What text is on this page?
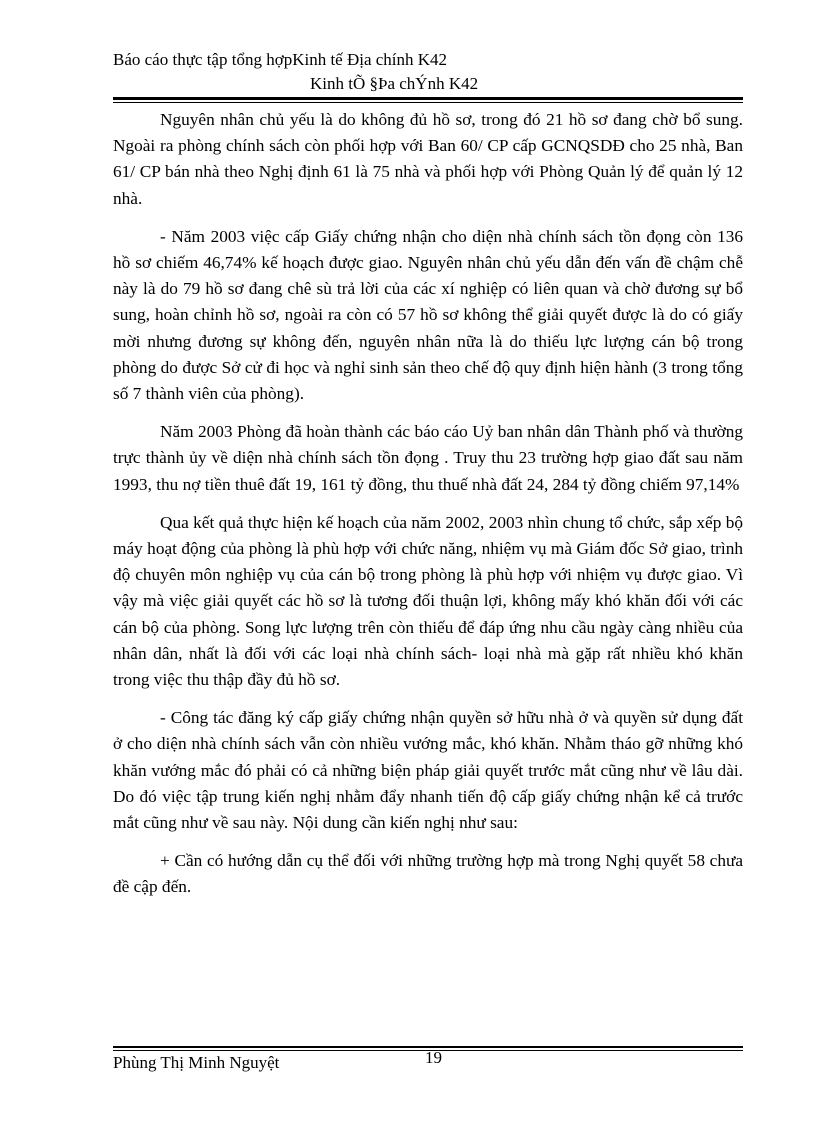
Báo cáo thực tập tổng hợpKinh tế Địa chính K42
Kinh tÕ §Þa chÝnh K42

Nguyên nhân chủ yếu là do không đủ hồ sơ, trong đó 21 hồ sơ đang chờ bổ sung. Ngoài ra phòng chính sách còn phối hợp với Ban 60/ CP cấp GCNQSDĐ cho 25 nhà, Ban 61/ CP bán nhà theo Nghị định 61 là 75 nhà và phối hợp với Phòng Quản lý để quản lý 12 nhà.

- Năm 2003 việc cấp Giấy chứng nhận cho diện nhà chính sách tồn đọng còn 136 hồ sơ chiếm 46,74% kế hoạch được giao. Nguyên nhân chủ yếu dẫn đến vấn đề chậm chễ này là do 79 hồ sơ đang chê sù trả lời của các xí nghiệp có liên quan và chờ đương sự bổ sung, hoàn chỉnh hồ sơ, ngoài ra còn có 57 hồ sơ không thể giải quyết được là do có giấy mời nhưng đương sự không đến, nguyên nhân nữa là do thiếu lực lượng cán bộ trong phòng do được Sở cử đi học và nghỉ sinh sản theo chế độ quy định hiện hành (3 trong tổng số 7 thành viên của phòng).

Năm 2003 Phòng đã hoàn thành các báo cáo Uỷ ban nhân dân Thành phố và thường trực thành ủy về diện nhà chính sách tồn đọng . Truy thu 23 trường hợp giao đất sau năm 1993, thu nợ tiền thuê đất 19, 161 tỷ đồng, thu thuế nhà đất 24, 284 tỷ đồng chiếm 97,14%

Qua kết quả thực hiện kế hoạch của năm 2002, 2003 nhìn chung tổ chức, sắp xếp bộ máy hoạt động của phòng là phù hợp với chức năng, nhiệm vụ mà Giám đốc Sở giao, trình độ chuyên môn nghiệp vụ của cán bộ trong phòng là phù hợp với nhiệm vụ được giao. Vì vậy mà việc giải quyết các hồ sơ là tương đối thuận lợi, không mấy khó khăn đối với các cán bộ của phòng. Song lực lượng trên còn thiếu để đáp ứng nhu cầu ngày càng nhiều của nhân dân, nhất là đối với các loại nhà chính sách- loại nhà mà gặp rất nhiều khó khăn trong việc thu thập đầy đủ hồ sơ.

- Công tác đăng ký cấp giấy chứng nhận quyền sở hữu nhà ở và quyền sử dụng đất ở cho diện nhà chính sách vẫn còn nhiều vướng mắc, khó khăn. Nhằm tháo gỡ những khó khăn vướng mắc đó phải có cả những biện pháp giải quyết trước mắt cũng như về lâu dài. Do đó việc tập trung kiến nghị nhằm đẩy nhanh tiến độ cấp giấy chứng nhận kể cả trước mắt cũng như về sau này. Nội dung cần kiến nghị như sau:

+ Cần có hướng dẫn cụ thể đối với những trường hợp mà trong Nghị quyết 58 chưa đề cập đến.

Phùng Thị Minh Nguyệt	19
